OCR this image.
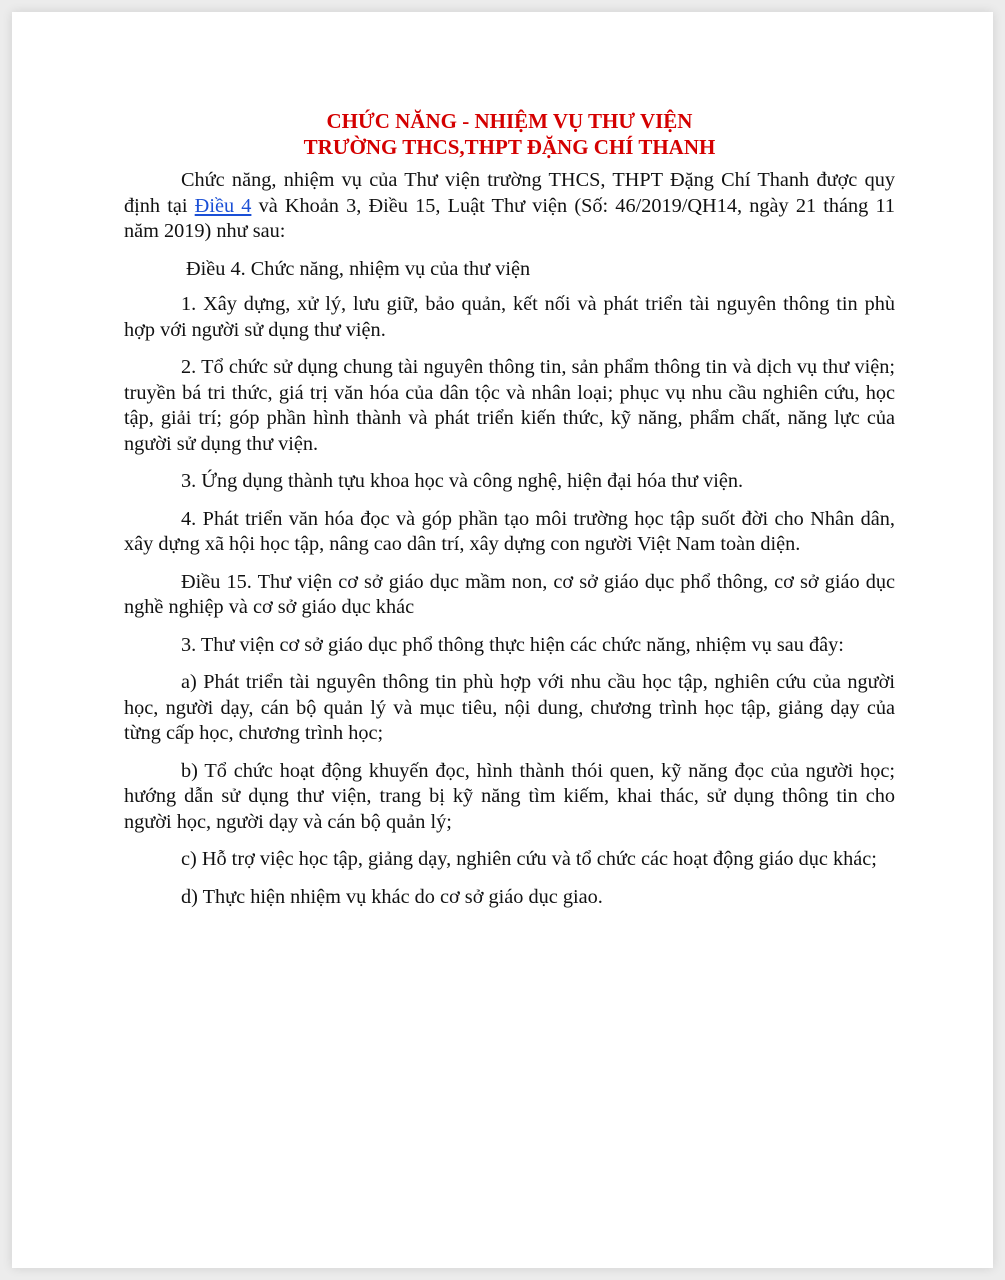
CHỨC NĂNG - NHIỆM VỤ THƯ VIỆN

TRƯỜNG THCS,THPT ĐẶNG CHÍ THANH

Chức năng, nhiệm vụ của Thư viện trường THCS, THPT Đặng Chí Thanh được quy định tại Điều 4 và Khoản 3, Điều 15, Luật Thư viện (Số: 46/2019/QH14, ngày 21 tháng 11 năm 2019) như sau:

Điều 4. Chức năng, nhiệm vụ của thư viện

1. Xây dựng, xử lý, lưu giữ, bảo quản, kết nối và phát triển tài nguyên thông tin phù hợp với người sử dụng thư viện.

2. Tổ chức sử dụng chung tài nguyên thông tin, sản phẩm thông tin và dịch vụ thư viện; truyền bá tri thức, giá trị văn hóa của dân tộc và nhân loại; phục vụ nhu cầu nghiên cứu, học tập, giải trí; góp phần hình thành và phát triển kiến thức, kỹ năng, phẩm chất, năng lực của người sử dụng thư viện.

3. Ứng dụng thành tựu khoa học và công nghệ, hiện đại hóa thư viện.

4. Phát triển văn hóa đọc và góp phần tạo môi trường học tập suốt đời cho Nhân dân, xây dựng xã hội học tập, nâng cao dân trí, xây dựng con người Việt Nam toàn diện.

Điều 15. Thư viện cơ sở giáo dục mầm non, cơ sở giáo dục phổ thông, cơ sở giáo dục nghề nghiệp và cơ sở giáo dục khác

3. Thư viện cơ sở giáo dục phổ thông thực hiện các chức năng, nhiệm vụ sau đây:

a) Phát triển tài nguyên thông tin phù hợp với nhu cầu học tập, nghiên cứu của người học, người dạy, cán bộ quản lý và mục tiêu, nội dung, chương trình học tập, giảng dạy của từng cấp học, chương trình học;

b) Tổ chức hoạt động khuyến đọc, hình thành thói quen, kỹ năng đọc của người học; hướng dẫn sử dụng thư viện, trang bị kỹ năng tìm kiếm, khai thác, sử dụng thông tin cho người học, người dạy và cán bộ quản lý;

c) Hỗ trợ việc học tập, giảng dạy, nghiên cứu và tổ chức các hoạt động giáo dục khác;

d) Thực hiện nhiệm vụ khác do cơ sở giáo dục giao.
